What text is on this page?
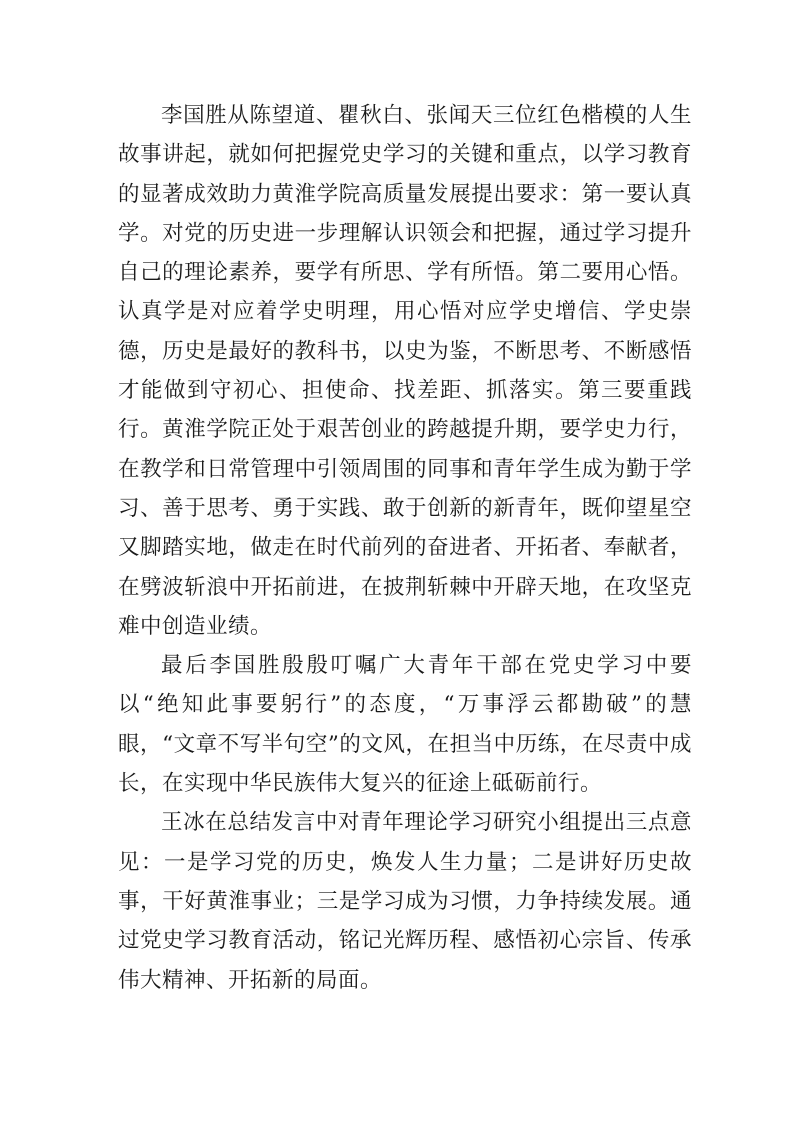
李国胜从陈望道、瞿秋白、张闻天三位红色楷模的人生故事讲起，就如何把握党史学习的关键和重点，以学习教育的显著成效助力黄淮学院高质量发展提出要求：第一要认真学。对党的历史进一步理解认识领会和把握，通过学习提升自己的理论素养，要学有所思、学有所悟。第二要用心悟。认真学是对应着学史明理，用心悟对应学史增信、学史崇德，历史是最好的教科书，以史为鉴，不断思考、不断感悟才能做到守初心、担使命、找差距、抓落实。第三要重践行。黄淮学院正处于艰苦创业的跨越提升期，要学史力行，在教学和日常管理中引领周围的同事和青年学生成为勤于学习、善于思考、勇于实践、敢于创新的新青年，既仰望星空又脚踏实地，做走在时代前列的奋进者、开拓者、奉献者，在劈波斩浪中开拓前进，在披荆斩棘中开辟天地，在攻坚克难中创造业绩。

最后李国胜殷殷叮嘱广大青年干部在党史学习中要以“绝知此事要躬行”的态度，“万事浮云都勘破”的慧眼，“文章不写半句空”的文风，在担当中历练，在尽责中成长，在实现中华民族伟大复兴的征途上砥砺前行。

王冰在总结发言中对青年理论学习研究小组提出三点意见：一是学习党的历史，焕发人生力量；二是讲好历史故事，干好黄淮事业；三是学习成为习惯，力争持续发展。通过党史学习教育活动，铭记光辉历程、感悟初心宗旨、传承伟大精神、开拓新的局面。
